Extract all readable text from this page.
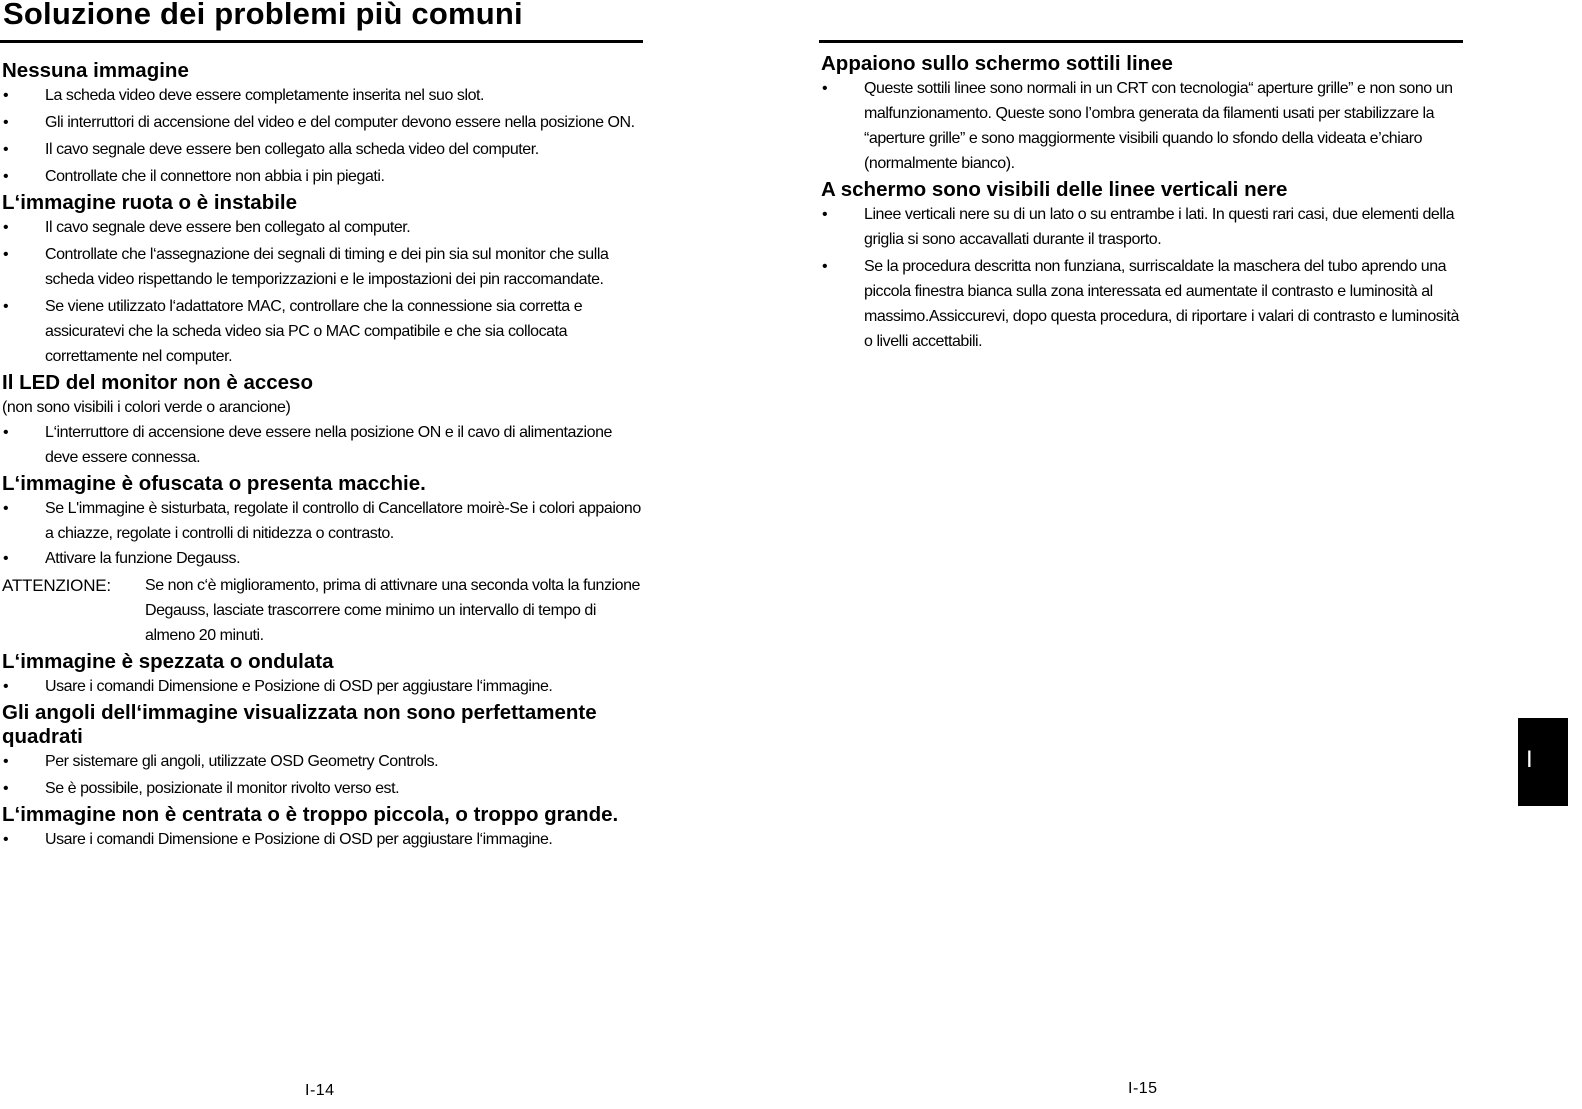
Soluzione dei problemi più comuni
Nessuna immagine
• La scheda video deve essere completamente inserita nel suo slot.
• Gli interruttori di accensione del video e del computer devono essere nella posizione ON.
• Il cavo segnale deve essere ben collegato alla scheda video del computer.
• Controllate che il connettore non abbia i pin piegati.
L‘immagine ruota o è instabile
• Il cavo segnale deve essere ben collegato al computer.
• Controllate che l‘assegnazione dei segnali di timing e dei pin sia sul monitor che sulla scheda video rispettando le temporizzazioni e le impostazioni dei pin raccomandate.
• Se viene utilizzato l‘adattatore MAC, controllare che la connessione sia corretta e assicuratevi che la scheda video sia PC o MAC compatibile e che sia collocata correttamente nel computer.
Il LED del monitor non è acceso
(non sono visibili i colori verde o arancione)
• L‘interruttore di accensione deve essere nella posizione ON e il cavo di alimentazione deve essere connessa.
L‘immagine è ofuscata o presenta macchie.
• Se L'immagine è sisturbata, regolate il controllo di Cancellatore moirè-Se i colori appaiono a chiazze, regolate i controlli di nitidezza o contrasto.
• Attivare la funzione Degauss.
ATTENZIONE:	Se non c‘è miglioramento, prima di attivnare una seconda volta la funzione Degauss, lasciate trascorrere come minimo un intervallo di tempo di almeno 20 minuti.
L‘immagine è spezzata o ondulata
• Usare i comandi Dimensione e Posizione di OSD per aggiustare l‘immagine.
Gli angoli dell‘immagine visualizzata non sono perfettamente quadrati
• Per sistemare gli angoli, utilizzate OSD Geometry Controls.
• Se è possibile, posizionate il monitor rivolto verso est.
L‘immagine non è centrata o è troppo piccola, o troppo grande.
• Usare i comandi Dimensione e Posizione di OSD per aggiustare l‘immagine.
Appaiono sullo schermo sottili linee
• Queste sottili linee sono normali in un CRT con tecnologia“ aperture grille” e non sono un malfunzionamento. Queste sono l’ombra generata da filamenti usati per stabilizzare la “aperture grille” e sono maggiormente visibili quando lo sfondo della videata e’chiaro (normalmente bianco).
A schermo sono visibili delle linee verticali nere
• Linee verticali nere su di un lato o su entrambe i lati. In questi rari casi, due elementi della griglia si sono accavallati durante il trasporto.
• Se la procedura descritta non funziana, surriscaldate la maschera del tubo aprendo una piccola finestra bianca sulla zona interessata ed aumentate il contrasto e luminosità al massimo.Assiccurevi, dopo questa procedura, di riportare i valari di contrasto e luminosità o livelli accettabili.
I-14	I-15
I
